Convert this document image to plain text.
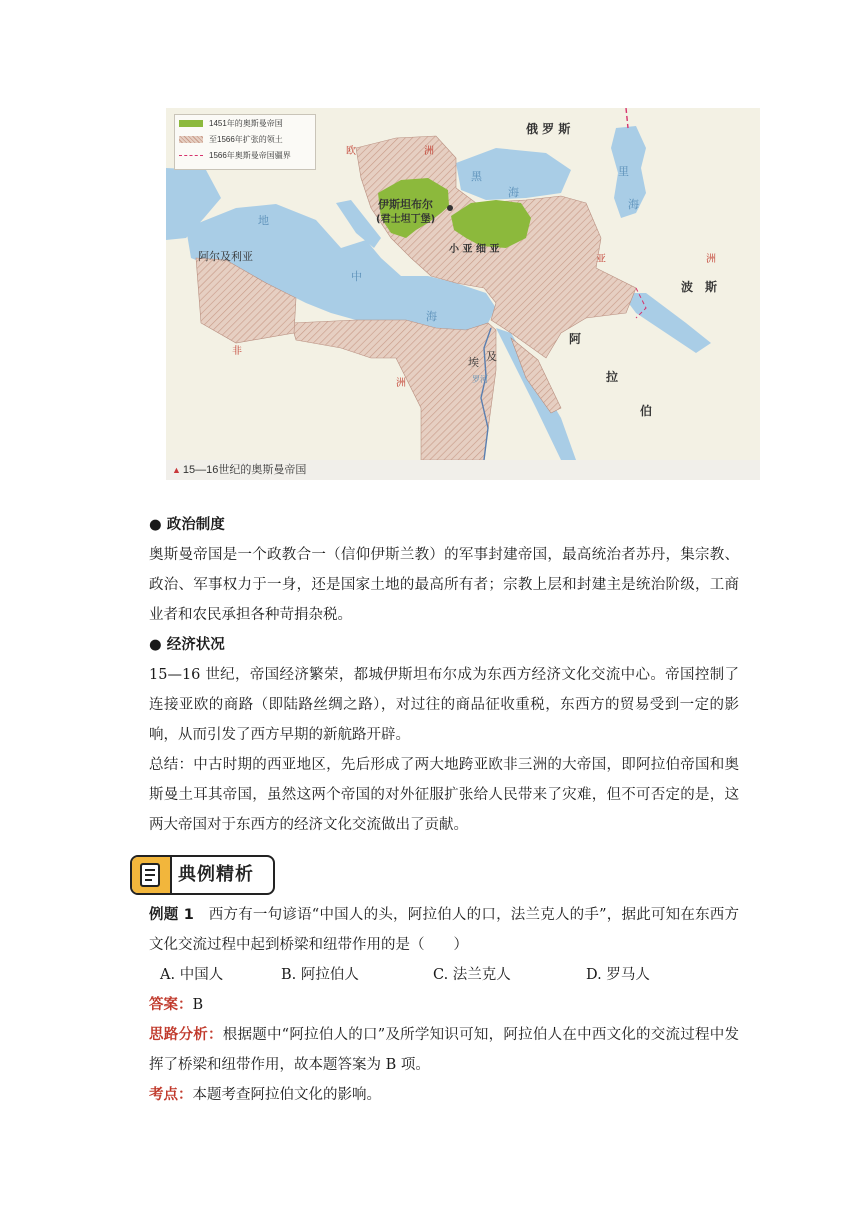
1451年的奥斯曼帝国
至1566年扩张的领土
1566年奥斯曼帝国疆界
俄 罗 斯
欧	洲
伊斯坦布尔
(君士坦丁堡)
小 亚 细 亚
黑
海
里
海
阿尔及利亚
地
中
海
亚	洲
波　斯
阿
拉
伯
非
洲
埃 及
罗河
▲ 15—16世纪的奥斯曼帝国
● 政治制度
奥斯曼帝国是一个政教合一（信仰伊斯兰教）的军事封建帝国，最高统治者苏丹，集宗教、政治、军事权力于一身，还是国家土地的最高所有者；宗教上层和封建主是统治阶级，工商业者和农民承担各种苛捐杂税。
● 经济状况
15—16 世纪，帝国经济繁荣，都城伊斯坦布尔成为东西方经济文化交流中心。帝国控制了连接亚欧的商路（即陆路丝绸之路），对过往的商品征收重税，东西方的贸易受到一定的影响，从而引发了西方早期的新航路开辟。
总结：中古时期的西亚地区，先后形成了两大地跨亚欧非三洲的大帝国，即阿拉伯帝国和奥斯曼土耳其帝国，虽然这两个帝国的对外征服扩张给人民带来了灾难，但不可否定的是，这两大帝国对于东西方的经济文化交流做出了贡献。
典例精析
例题 1　 西方有一句谚语“中国人的头，阿拉伯人的口，法兰克人的手”，据此可知在东西方文化交流过程中起到桥梁和纽带作用的是（　　）
A. 中国人	B. 阿拉伯人	C. 法兰克人	D. 罗马人
答案：B
思路分析：根据题中“阿拉伯人的口”及所学知识可知，阿拉伯人在中西文化的交流过程中发挥了桥梁和纽带作用，故本题答案为 B 项。
考点：本题考查阿拉伯文化的影响。
